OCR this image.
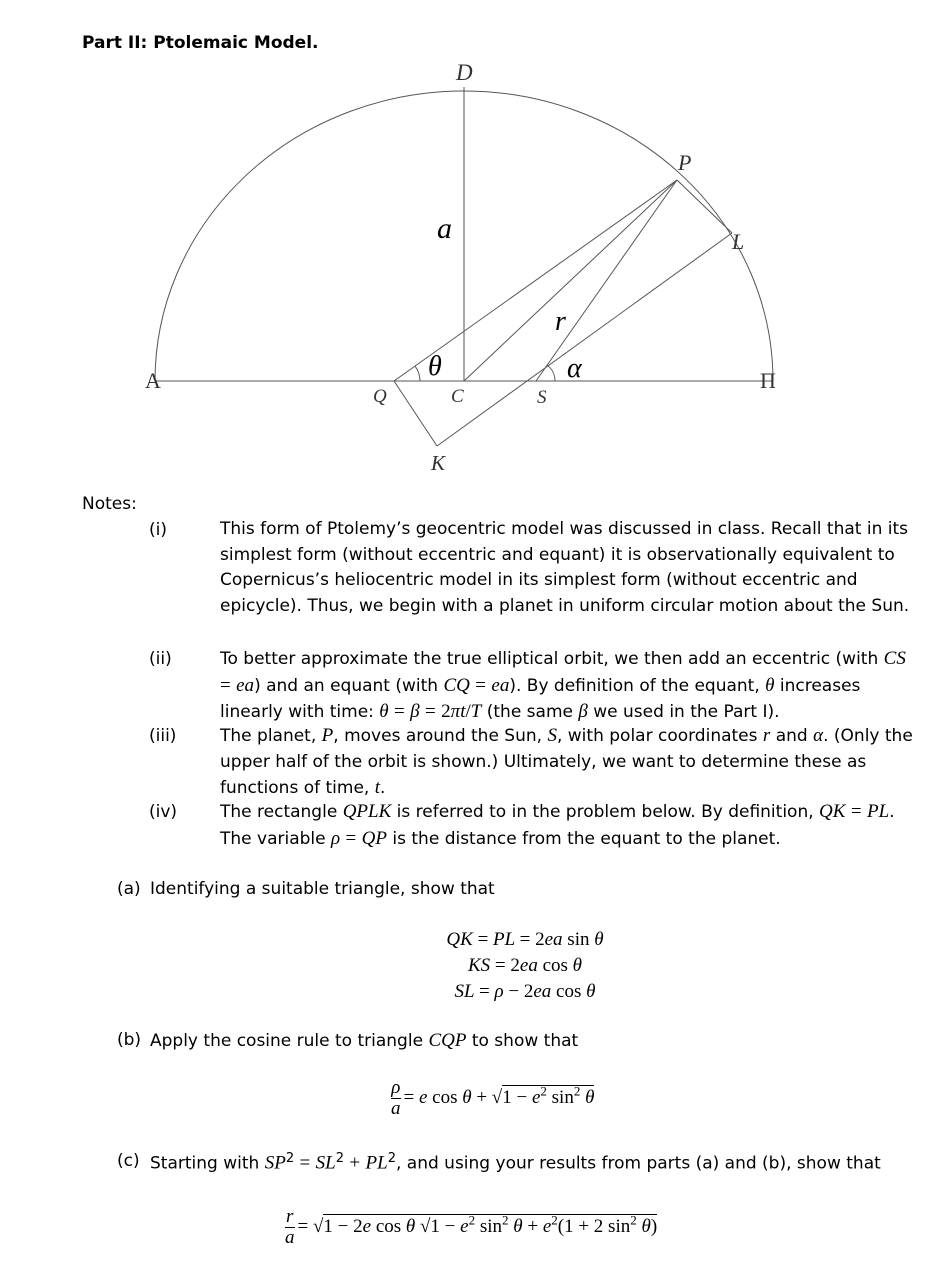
Part II: Ptolemaic Model.
D
P
L
A	Π
Q	C	S
K
a
r
θ	α
Notes:
(i)	This form of Ptolemy’s geocentric model was discussed in class. Recall that in its simplest form (without eccentric and equant) it is observationally equivalent to Copernicus’s heliocentric model in its simplest form (without eccentric and epicycle). Thus, we begin with a planet in uniform circular motion about the Sun.
(ii)	To better approximate the true elliptical orbit, we then add an eccentric (with CS = ea) and an equant (with CQ = ea). By definition of the equant, θ increases linearly with time: θ = β = 2πt/T (the same β we used in the Part I).
(iii)	The planet, P, moves around the Sun, S, with polar coordinates r and α. (Only the upper half of the orbit is shown.) Ultimately, we want to determine these as functions of time, t.
(iv)	The rectangle QPLK is referred to in the problem below. By definition, QK = PL. The variable ρ = QP is the distance from the equant to the planet.
(a) Identifying a suitable triangle, show that
QK = PL = 2ea sin θ
KS = 2ea cos θ
SL = ρ − 2ea cos θ
(b) Apply the cosine rule to triangle CQP to show that
$\frac{\rho}{a} = e$ $\cos \theta + √1 - e^2$ $\sin^2 \theta$
(c) Starting with $SP^2 = SL^2 + PL^2$, and using your results from parts (a) and (b), show that
$\frac{r}{a} = √1 - 2e$ cos θ $√1 - e^2$ $\sin^2 \theta + e^2(1 + 2$ $\sin^2 \theta$)
